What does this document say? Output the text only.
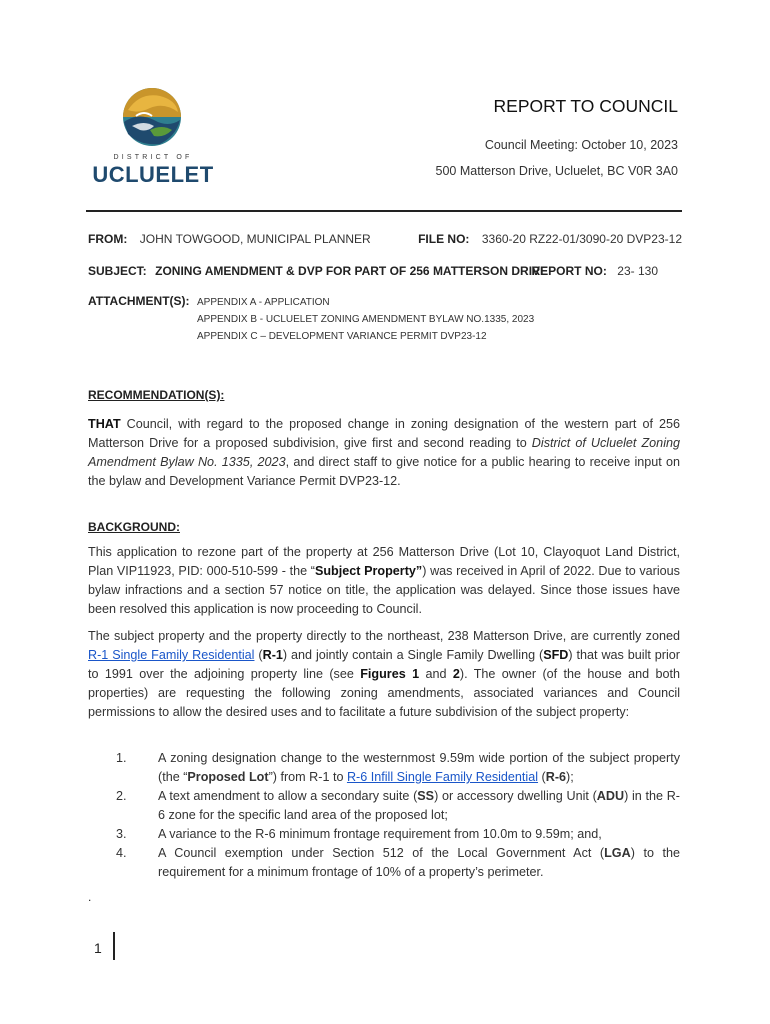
DISTRICT OF
UCLUELET
REPORT TO COUNCIL
Council Meeting: October 10, 2023
500 Matterson Drive, Ucluelet, BC V0R 3A0
FROM: JOHN TOWGOOD, MUNICIPAL PLANNER	FILE NO: 3360-20 RZ22-01/3090-20 DVP23-12
SUBJECT: ZONING AMENDMENT & DVP FOR PART OF 256 MATTERSON DRIVE
REPORT NO: 23- 130
ATTACHMENT(S): APPENDIX A - APPLICATION
APPENDIX B - UCLUELET ZONING AMENDMENT BYLAW NO.1335, 2023
APPENDIX C – DEVELOPMENT VARIANCE PERMIT DVP23-12
RECOMMENDATION(S):
THAT Council, with regard to the proposed change in zoning designation of the western part of 256 Matterson Drive for a proposed subdivision, give first and second reading to District of Ucluelet Zoning Amendment Bylaw No. 1335, 2023, and direct staff to give notice for a public hearing to receive input on the bylaw and Development Variance Permit DVP23-12.
BACKGROUND:
This application to rezone part of the property at 256 Matterson Drive (Lot 10, Clayoquot Land District, Plan VIP11923, PID: 000-510-599 - the “Subject Property”) was received in April of 2022. Due to various bylaw infractions and a section 57 notice on title, the application was delayed. Since those issues have been resolved this application is now proceeding to Council.
The subject property and the property directly to the northeast, 238 Matterson Drive, are currently zoned R-1 Single Family Residential (R-1) and jointly contain a Single Family Dwelling (SFD) that was built prior to 1991 over the adjoining property line (see Figures 1 and 2). The owner (of the house and both properties) are requesting the following zoning amendments, associated variances and Council permissions to allow the desired uses and to facilitate a future subdivision of the subject property:
1. A zoning designation change to the westernmost 9.59m wide portion of the subject property (the “Proposed Lot”) from R-1 to R-6 Infill Single Family Residential (R-6);
2. A text amendment to allow a secondary suite (SS) or accessory dwelling Unit (ADU) in the R-6 zone for the specific land area of the proposed lot;
3. A variance to the R-6 minimum frontage requirement from 10.0m to 9.59m; and,
4. A Council exemption under Section 512 of the Local Government Act (LGA) to the requirement for a minimum frontage of 10% of a property’s perimeter.
.
1
